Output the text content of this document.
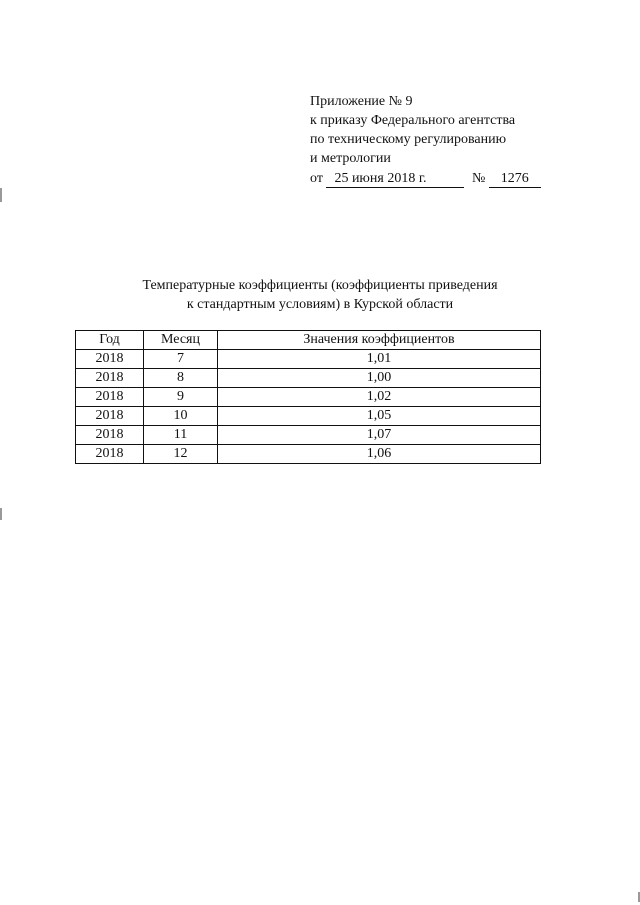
Приложение № 9
к приказу Федерального агентства
по техническому регулированию
и метрологии
от 25 июня 2018 г.	№ 1276
Температурные коэффициенты (коэффициенты приведения
к стандартным условиям) в Курской области
Год	Месяц	Значения коэффициентов
2018	7	1,01
2018	8	1,00
2018	9	1,02
2018	10	1,05
2018	11	1,07
2018	12	1,06
